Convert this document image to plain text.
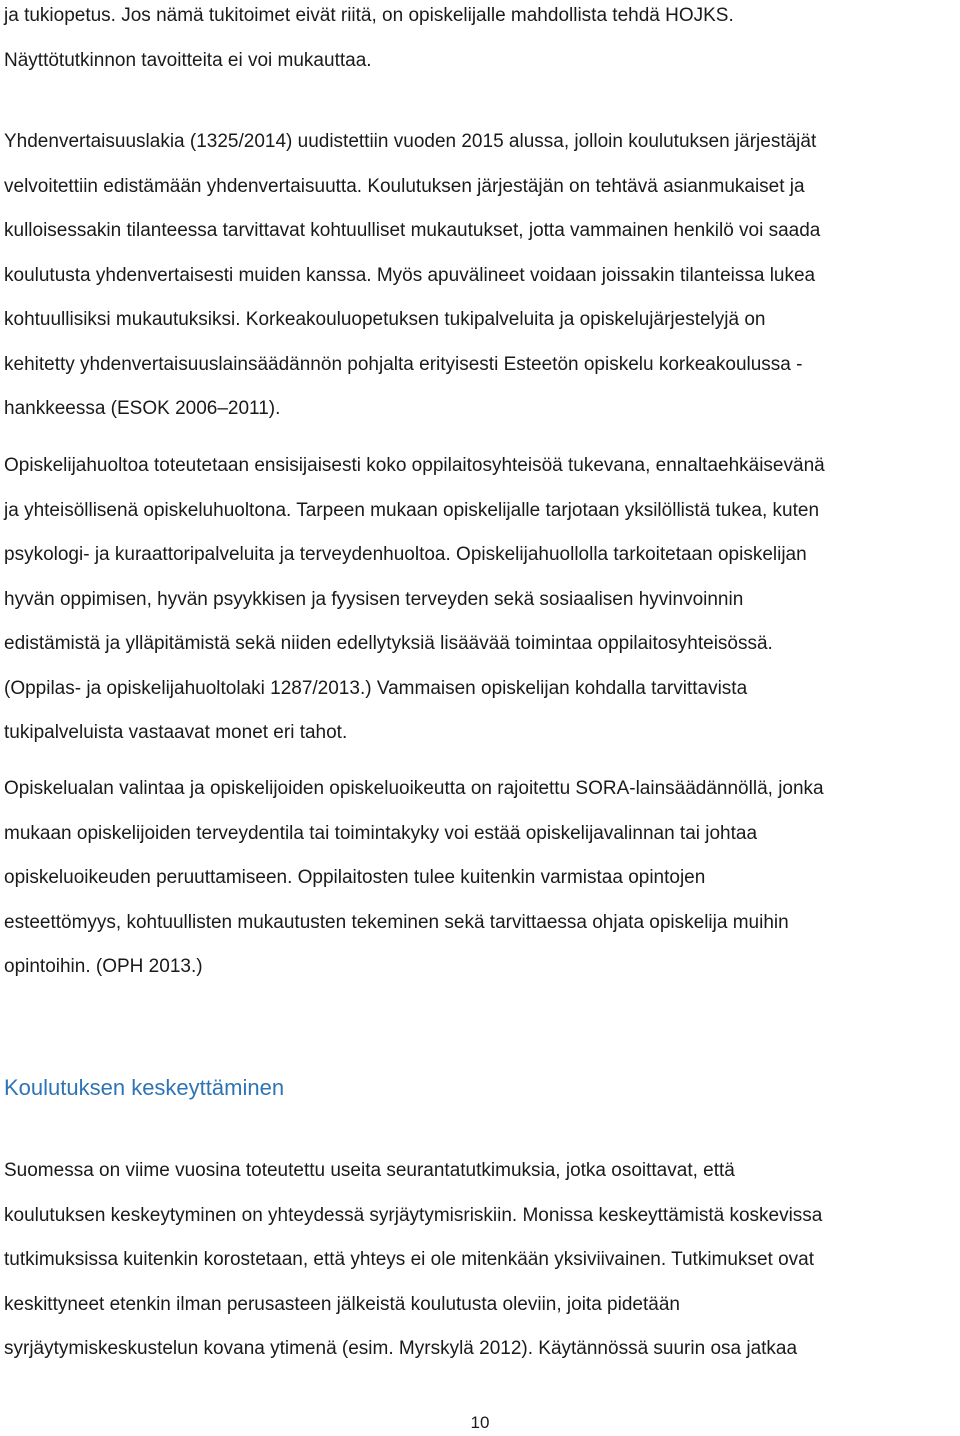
ja tukiopetus. Jos nämä tukitoimet eivät riitä, on opiskelijalle mahdollista tehdä HOJKS.
Näyttötutkinnon tavoitteita ei voi mukauttaa.
Yhdenvertaisuuslakia (1325/2014) uudistettiin vuoden 2015 alussa, jolloin koulutuksen järjestäjät
velvoitettiin edistämään yhdenvertaisuutta. Koulutuksen järjestäjän on tehtävä asianmukaiset ja
kulloisessakin tilanteessa tarvittavat kohtuulliset mukautukset, jotta vammainen henkilö voi saada
koulutusta yhdenvertaisesti muiden kanssa. Myös apuvälineet voidaan joissakin tilanteissa lukea
kohtuullisiksi mukautuksiksi. Korkeakouluopetuksen tukipalveluita ja opiskelujärjestelyjä on
kehitetty yhdenvertaisuuslainsäädännön pohjalta erityisesti Esteetön opiskelu korkeakoulussa -
hankkeessa (ESOK 2006–2011).
Opiskelijahuoltoa toteutetaan ensisijaisesti koko oppilaitosyhteisöä tukevana, ennaltaehkäisevänä
ja yhteisöllisenä opiskeluhuoltona. Tarpeen mukaan opiskelijalle tarjotaan yksilöllistä tukea, kuten
psykologi- ja kuraattoripalveluita ja terveydenhuoltoa. Opiskelijahuollolla tarkoitetaan opiskelijan
hyvän oppimisen, hyvän psyykkisen ja fyysisen terveyden sekä sosiaalisen hyvinvoinnin
edistämistä ja ylläpitämistä sekä niiden edellytyksiä lisäävää toimintaa oppilaitosyhteisössä.
(Oppilas- ja opiskelijahuoltolaki 1287/2013.) Vammaisen opiskelijan kohdalla tarvittavista
tukipalveluista vastaavat monet eri tahot.
Opiskelualan valintaa ja opiskelijoiden opiskeluoikeutta on rajoitettu SORA-lainsäädännöllä, jonka
mukaan opiskelijoiden terveydentila tai toimintakyky voi estää opiskelijavalinnan tai johtaa
opiskeluoikeuden peruuttamiseen. Oppilaitosten tulee kuitenkin varmistaa opintojen
esteettömyys, kohtuullisten mukautusten tekeminen sekä tarvittaessa ohjata opiskelija muihin
opintoihin. (OPH 2013.)
Koulutuksen keskeyttäminen
Suomessa on viime vuosina toteutettu useita seurantatutkimuksia, jotka osoittavat, että
koulutuksen keskeytyminen on yhteydessä syrjäytymisriskiin. Monissa keskeyttämistä koskevissa
tutkimuksissa kuitenkin korostetaan, että yhteys ei ole mitenkään yksiviivainen. Tutkimukset ovat
keskittyneet etenkin ilman perusasteen jälkeistä koulutusta oleviin, joita pidetään
syrjäytymiskeskustelun kovana ytimenä (esim. Myrskylä 2012). Käytännössä suurin osa jatkaa
10
